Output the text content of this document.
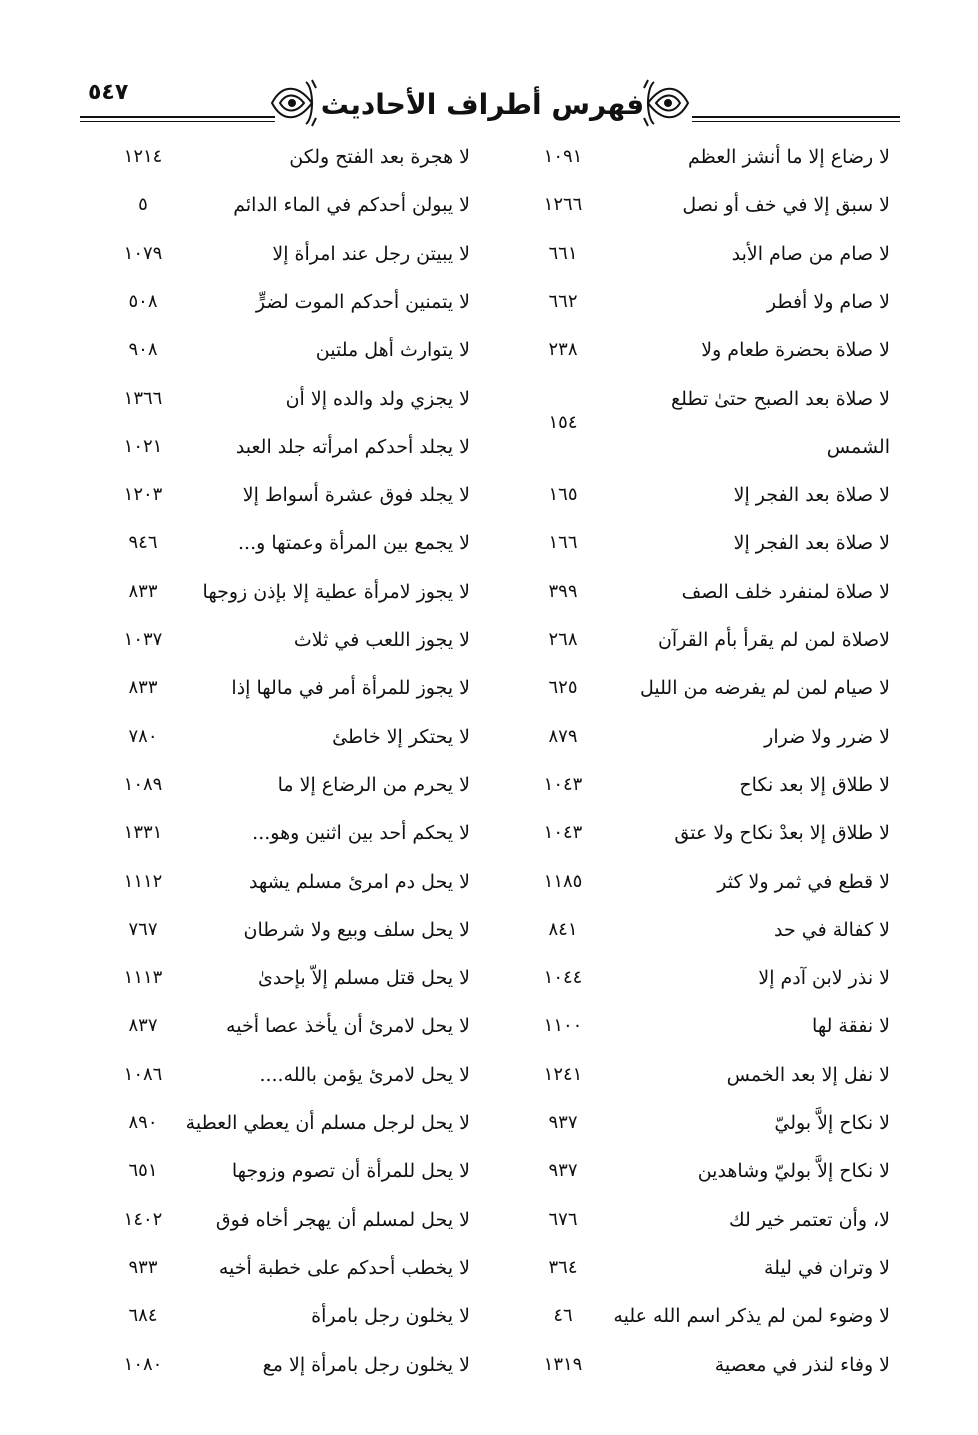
٥٤٧	فهرس أطراف الأحاديث
لا رضاع إلا ما أنشز العظم
١٠٩١
لا سبق إلا في خف أو نصل
١٢٦٦
لا صام من صام الأبد
٦٦١
لا صام ولا أفطر
٦٦٢
لا صلاة بحضرة طعام ولا
٢٣٨
لا صلاة بعد الصبح حتىٰ تطلع
الشمس
١٥٤
لا صلاة بعد الفجر إلا
١٦٥
لا صلاة بعد الفجر إلا
١٦٦
لا صلاة لمنفرد خلف الصف
٣٩٩
لاصلاة لمن لم يقرأ بأم القرآن
٢٦٨
لا صيام لمن لم يفرضه من الليل
٦٢٥
لا ضرر ولا ضرار
٨٧٩
لا طلاق إلا بعد نكاح
١٠٤٣
لا طلاق إلا بعدْ نكاح ولا عتق
١٠٤٣
لا قطع في ثمر ولا كثر
١١٨٥
لا كفالة في حد
٨٤١
لا نذر لابن آدم إلا
١٠٤٤
لا نفقة لها
١١٠٠
لا نفل إلا بعد الخمس
١٢٤١
لا نكاح إلاَّ بوليّ
٩٣٧
لا نكاح إلاَّ بوليّ وشاهدين
٩٣٧
لا، وأن تعتمر خير لك
٦٧٦
لا وتران في ليلة
٣٦٤
لا وضوء لمن لم يذكر اسم الله عليه
٤٦
لا وفاء لنذر في معصية
١٣١٩
لا هجرة بعد الفتح ولكن
١٢١٤
لا يبولن أحدكم في الماء الدائم
٥
لا يبيتن رجل عند امرأة إلا
١٠٧٩
لا يتمنين أحدكم الموت لضرٍّ
٥٠٨
لا يتوارث أهل ملتين
٩٠٨
لا يجزي ولد والده إلا أن
١٣٦٦
لا يجلد أحدكم امرأته جلد العبد
١٠٢١
لا يجلد فوق عشرة أسواط إلا
١٢٠٣
لا يجمع بين المرأة وعمتها و...
٩٤٦
لا يجوز لامرأة عطية إلا بإذن زوجها
٨٣٣
لا يجوز اللعب في ثلاث
١٠٣٧
لا يجوز للمرأة أمر في مالها إذا
٨٣٣
لا يحتكر إلا خاطئ
٧٨٠
لا يحرم من الرضاع إلا ما
١٠٨٩
لا يحكم أحد بين اثنين وهو...
١٣٣١
لا يحل دم امرئ مسلم يشهد
١١١٢
لا يحل سلف وبيع ولا شرطان
٧٦٧
لا يحل قتل مسلم إلاّ بإحدىٰ
١١١٣
لا يحل لامرئ أن يأخذ عصا أخيه
٨٣٧
لا يحل لامرئ يؤمن بالله....
١٠٨٦
لا يحل لرجل مسلم أن يعطي العطية
٨٩٠
لا يحل للمرأة أن تصوم وزوجها
٦٥١
لا يحل لمسلم أن يهجر أخاه فوق
١٤٠٢
لا يخطب أحدكم على خطبة أخيه
٩٣٣
لا يخلون رجل بامرأة
٦٨٤
لا يخلون رجل بامرأة إلا مع
١٠٨٠
